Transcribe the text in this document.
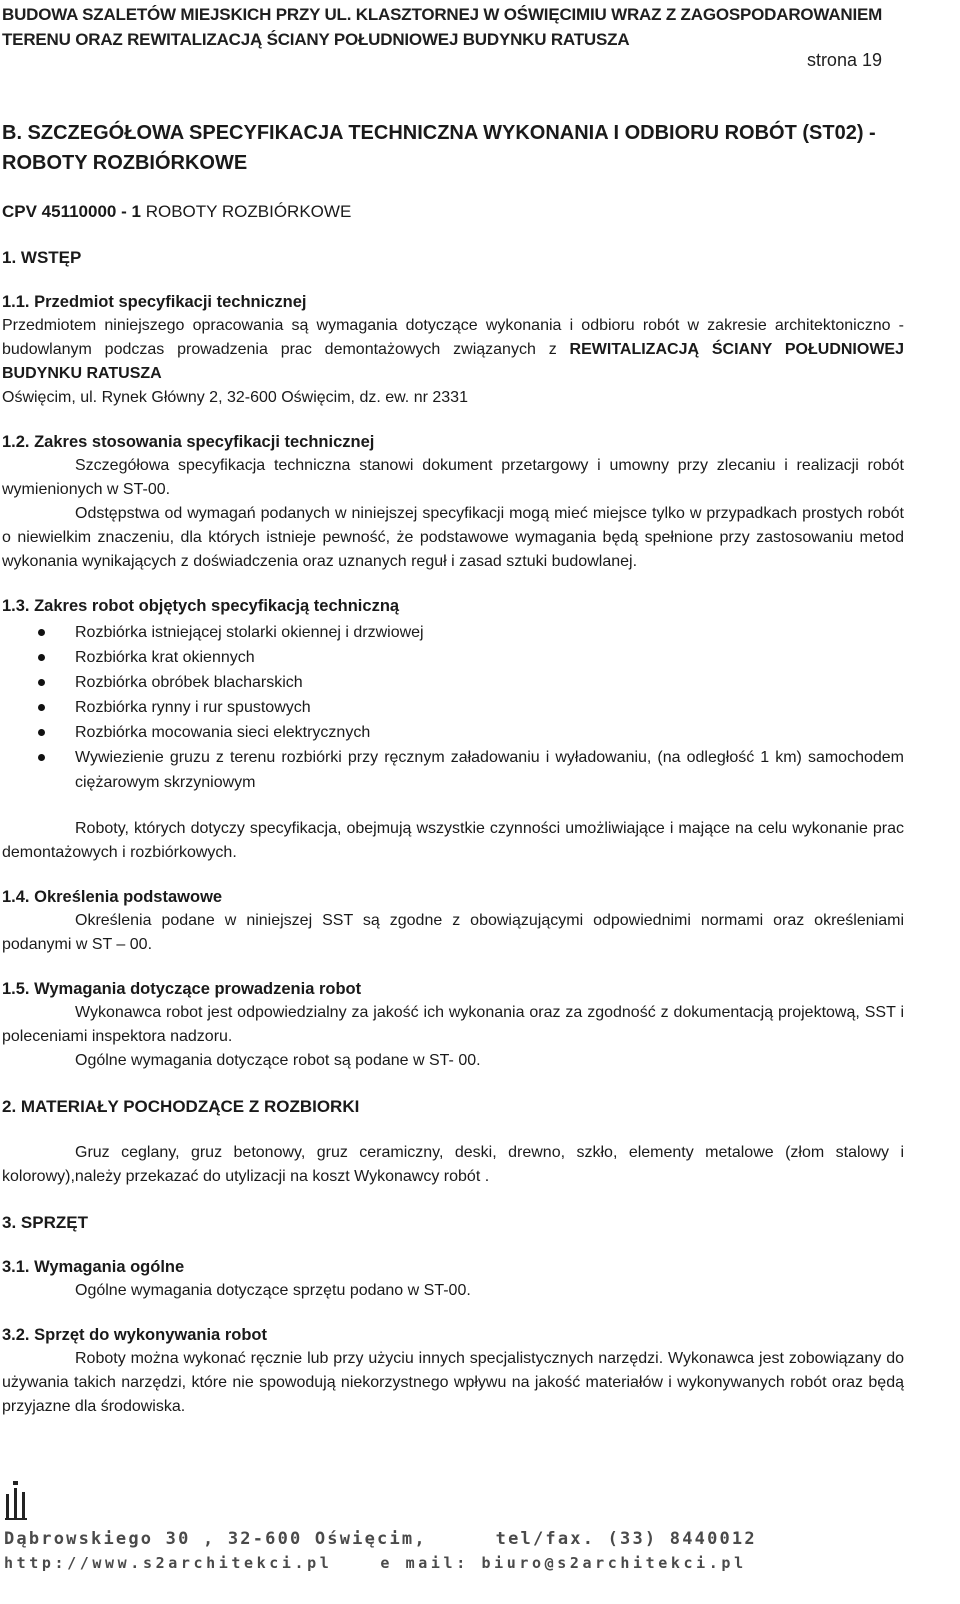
BUDOWA SZALETÓW MIEJSKICH PRZY UL. KLASZTORNEJ W OŚWIĘCIMIU WRAZ Z ZAGOSPODAROWANIEM
TERENU ORAZ REWITALIZACJĄ ŚCIANY POŁUDNIOWEJ BUDYNKU RATUSZA
strona 19
B. SZCZEGÓŁOWA SPECYFIKACJA TECHNICZNA WYKONANIA I ODBIORU ROBÓT (ST02) -
ROBOTY ROZBIÓRKOWE
CPV 45110000 - 1 ROBOTY ROZBIÓRKOWE
1. WSTĘP
1.1. Przedmiot specyfikacji technicznej

Przedmiotem niniejszego opracowania są wymagania dotyczące wykonania i odbioru robót w zakresie architektoniczno - budowlanym podczas prowadzenia prac demontażowych związanych z REWITALIZACJĄ ŚCIANY POŁUDNIOWEJ BUDYNKU RATUSZA

Oświęcim, ul. Rynek Główny 2, 32-600 Oświęcim, dz. ew. nr 2331

1.2. Zakres stosowania specyfikacji technicznej

Szczegółowa specyfikacja techniczna stanowi dokument przetargowy i umowny przy zlecaniu i realizacji robót wymienionych w ST-00.

Odstępstwa od wymagań podanych w niniejszej specyfikacji mogą mieć miejsce tylko w przypadkach prostych robót o niewielkim znaczeniu, dla których istnieje pewność, że podstawowe wymagania będą spełnione przy zastosowaniu metod wykonania wynikających z doświadczenia oraz uznanych reguł i zasad sztuki budowlanej.

1.3. Zakres robot objętych specyfikacją techniczną
Rozbiórka istniejącej stolarki okiennej i drzwiowej
Rozbiórka krat okiennych
Rozbiórka obróbek blacharskich
Rozbiórka rynny i rur spustowych
Rozbiórka mocowania sieci elektrycznych
Wywiezienie gruzu z terenu rozbiórki przy ręcznym załadowaniu i wyładowaniu, (na odległość 1 km) samochodem ciężarowym skrzyniowym

Roboty, których dotyczy specyfikacja, obejmują wszystkie czynności umożliwiające i mające na celu wykonanie prac demontażowych i rozbiórkowych.

1.4. Określenia podstawowe

Określenia podane w niniejszej SST są zgodne z obowiązującymi odpowiednimi normami oraz określeniami podanymi w ST – 00.

1.5. Wymagania dotyczące prowadzenia robot

Wykonawca robot jest odpowiedzialny za jakość ich wykonania oraz za zgodność z dokumentacją projektową, SST i poleceniami inspektora nadzoru.

Ogólne wymagania dotyczące robot są podane w ST- 00.

2. MATERIAŁY POCHODZĄCE Z ROZBIORKI

Gruz ceglany, gruz betonowy, gruz ceramiczny, deski, drewno, szkło, elementy metalowe (złom stalowy i kolorowy),należy przekazać do utylizacji na koszt Wykonawcy robót .

3. SPRZĘT
3.1. Wymagania ogólne

Ogólne wymagania dotyczące sprzętu podano w ST-00.

3.2. Sprzęt do wykonywania robot

Roboty można wykonać ręcznie lub przy użyciu innych specjalistycznych narzędzi. Wykonawca jest zobowiązany do używania takich narzędzi, które nie spowodują niekorzystnego wpływu na jakość materiałów i wykonywanych robót oraz będą przyjazne dla środowiska.

Dąbrowskiego 30 , 32-600 Oświęcim,	tel/fax. (33) 8440012
http://www.s2architekci.pl	e mail: biuro@s2architekci.pl
